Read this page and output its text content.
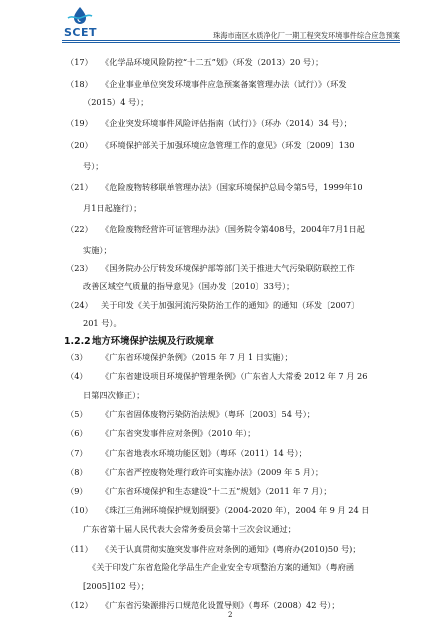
SCET	珠海市南区水质净化厂一期工程突发环境事件综合应急预案
（17） 《化学品环境风险防控“十二五”划》（环发（2013）20 号）；
（18） 《企业事业单位突发环境事件应急预案备案管理办法（试行）》（环发
（2015）4 号）；
（19） 《企业突发环境事件风险评估指南（试行）》（环办（2014）34 号）；
（20） 《环境保护部关于加强环境应急管理工作的意见》（环发〔2009〕130
号）；
（21） 《危险废物转移联单管理办法》（国家环境保护总局令第5号，1999年10
月1日起施行）；
（22） 《危险废物经营许可证管理办法》（国务院令第408号，2004年7月1日起
实施）；
（23） 《国务院办公厅转发环境保护部等部门关于推进大气污染联防联控工作
改善区域空气质量的指导意见》（国办发〔2010〕33号）；
（24） 关于印发《关于加强河流污染防治工作的通知》的通知（环发〔2007〕
201 号）。
1.2.2地方环境保护法规及行政规章
（3） 《广东省环境保护条例》（2015 年 7 月 1 日实施）；
（4） 《广东省建设项目环境保护管理条例》（广东省人大常委 2012 年 7 月 26
日第四次修正）；
（5） 《广东省固体废物污染防治法规》（粤环〔2003〕54 号）；
（6） 《广东省突发事件应对条例》（2010 年）；
（7） 《广东省地表水环境功能区划》（粤环（2011）14 号）；
（8） 《广东省严控废物处理行政许可实施办法》（2009 年 5 月）；
（9） 《广东省环境保护和生态建设“十二五”规划》（2011 年 7 月）；
（10） 《珠江三角洲环境保护规划纲要》（2004-2020 年），2004 年 9 月 24 日
广东省第十届人民代表大会常务委员会第十三次会议通过；
（11） 《关于认真贯彻实施突发事件应对条例的通知》(粤府办(2010)50 号)；
《关于印发广东省危险化学品生产企业安全专项整治方案的通知》（粤府函
[2005]102 号）；
（12） 《广东省污染源排污口规范化设置导则》（粤环（2008）42 号）；
2
